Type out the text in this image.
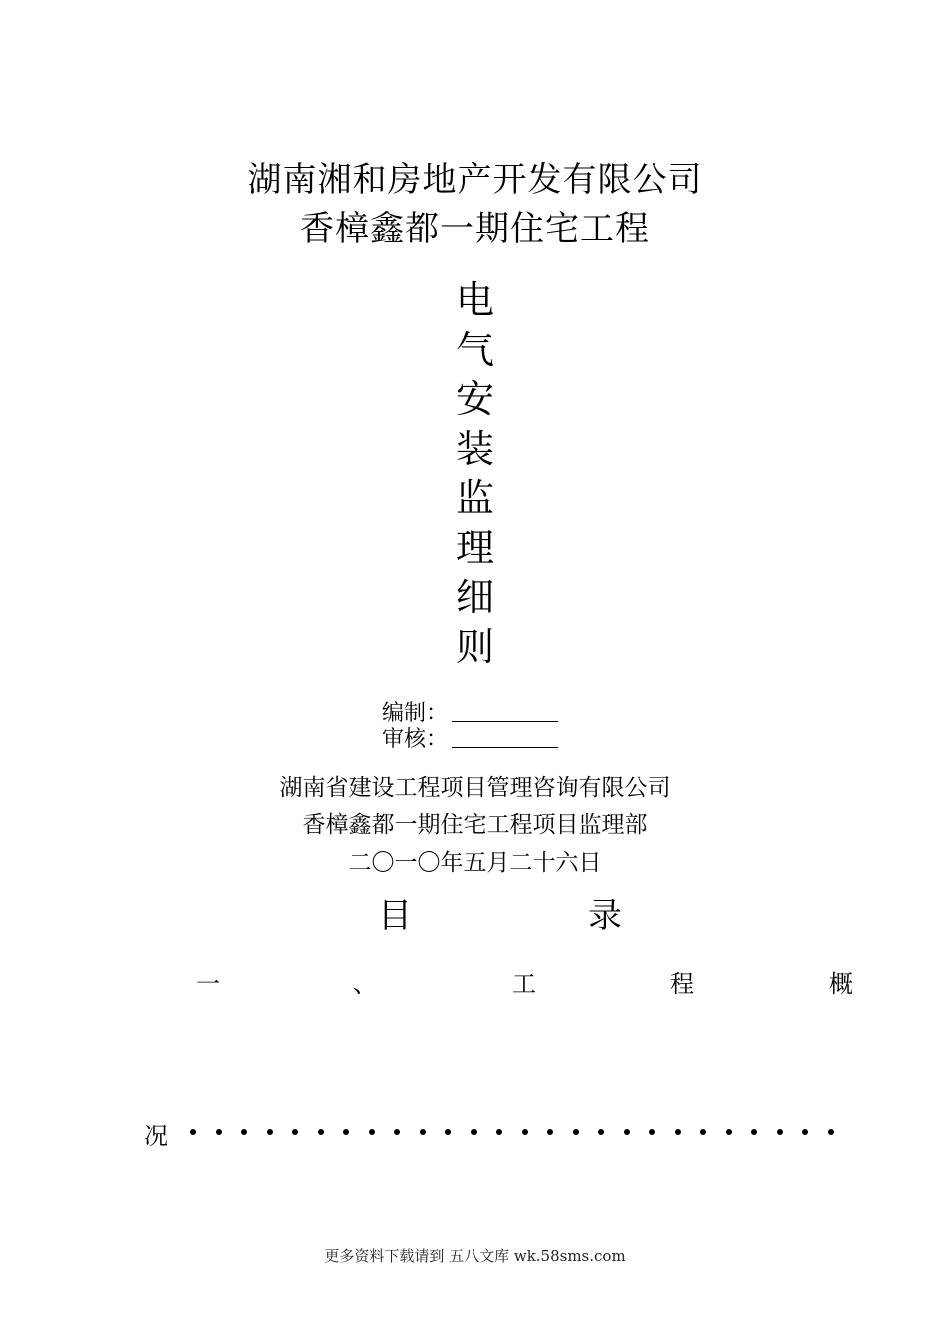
湖南湘和房地产开发有限公司
香樟鑫都一期住宅工程
电
气
安
装
监
理
细
则
编制：
审核：
湖南省建设工程项目管理咨询有限公司
香樟鑫都一期住宅工程项目监理部
二〇一〇年五月二十六日
目	录
一	、	工	程	概
况
更多资料下载请到 五八文库 wk.58sms.com
